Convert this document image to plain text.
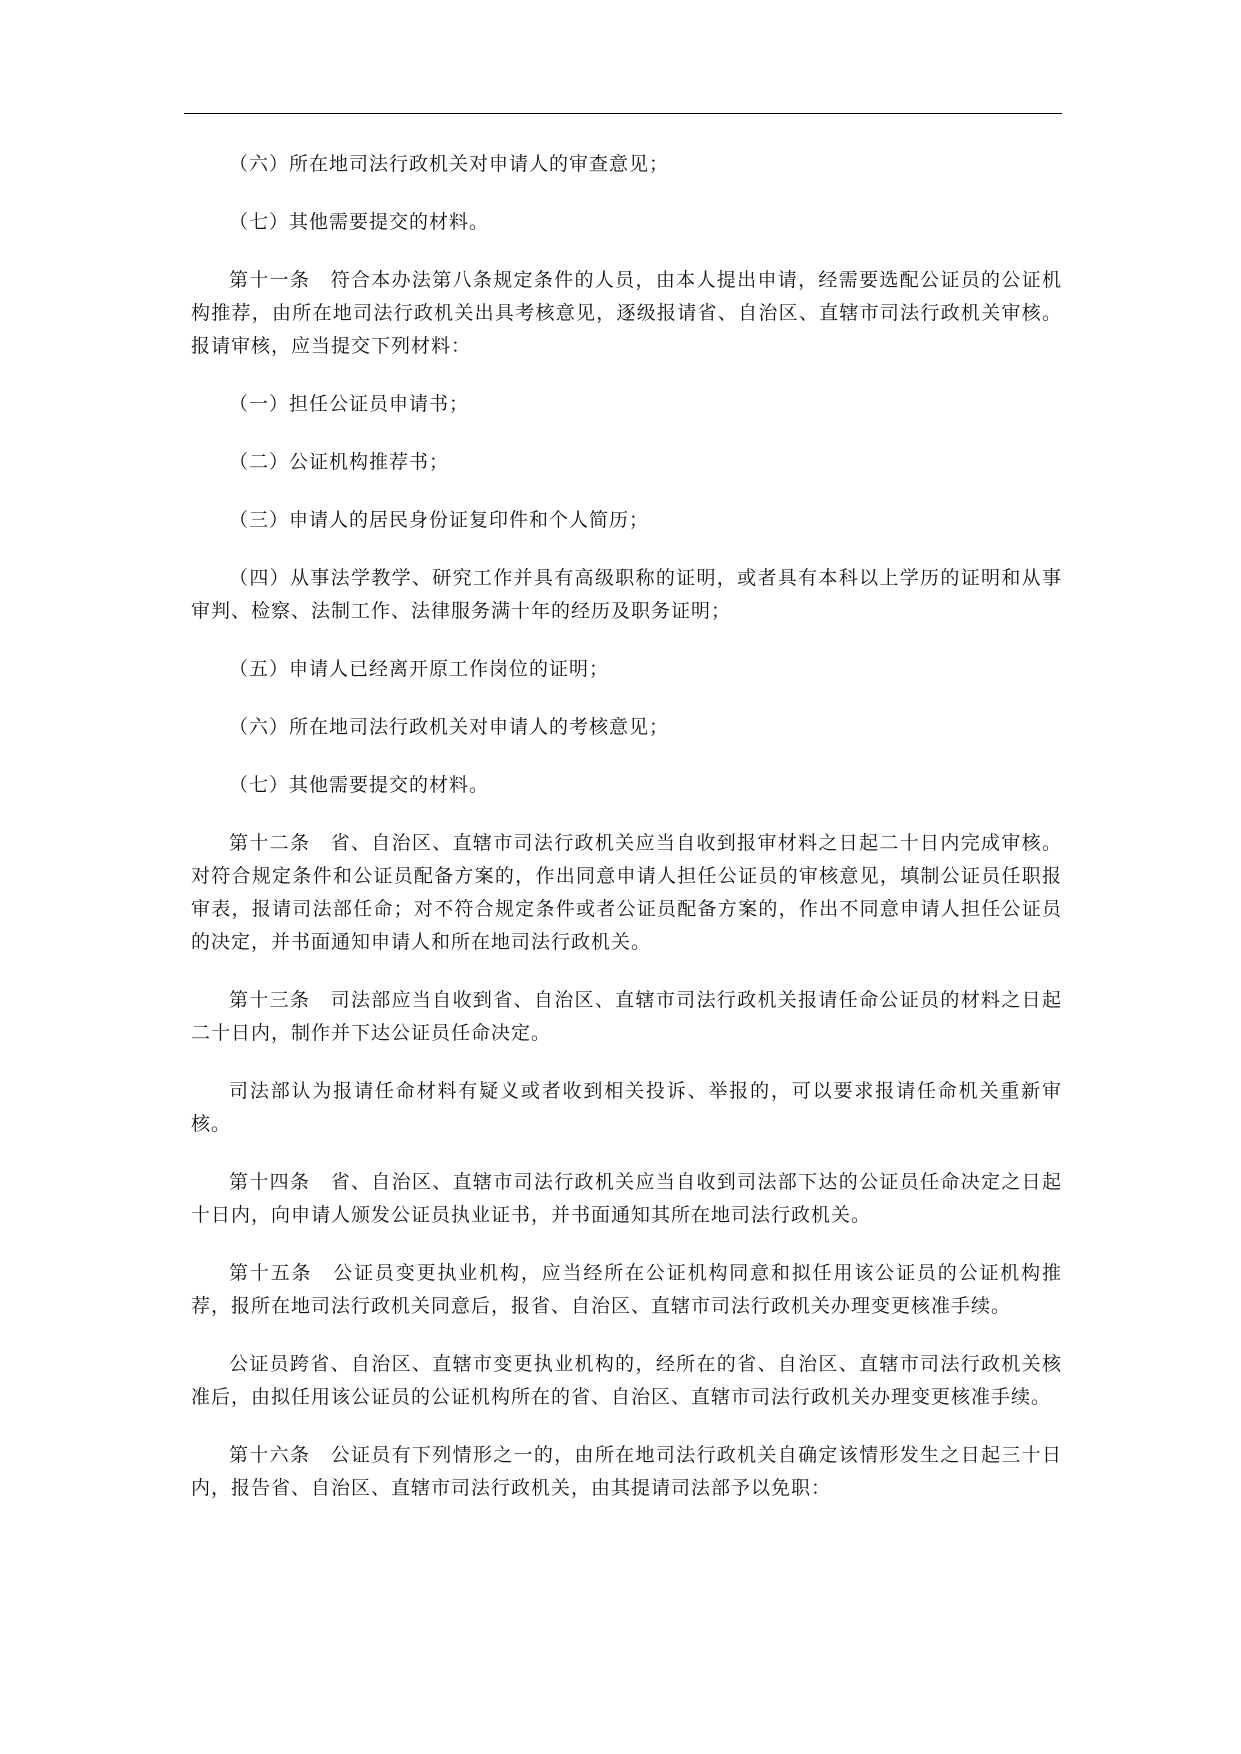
（六）所在地司法行政机关对申请人的审查意见；

（七）其他需要提交的材料。

第十一条　符合本办法第八条规定条件的人员，由本人提出申请，经需要选配公证员的公证机构推荐，由所在地司法行政机关出具考核意见，逐级报请省、自治区、直辖市司法行政机关审核。报请审核，应当提交下列材料：

（一）担任公证员申请书；

（二）公证机构推荐书；

（三）申请人的居民身份证复印件和个人简历；

（四）从事法学教学、研究工作并具有高级职称的证明，或者具有本科以上学历的证明和从事审判、检察、法制工作、法律服务满十年的经历及职务证明；

（五）申请人已经离开原工作岗位的证明；

（六）所在地司法行政机关对申请人的考核意见；

（七）其他需要提交的材料。

第十二条　省、自治区、直辖市司法行政机关应当自收到报审材料之日起二十日内完成审核。对符合规定条件和公证员配备方案的，作出同意申请人担任公证员的审核意见，填制公证员任职报审表，报请司法部任命；对不符合规定条件或者公证员配备方案的，作出不同意申请人担任公证员的决定，并书面通知申请人和所在地司法行政机关。

第十三条　司法部应当自收到省、自治区、直辖市司法行政机关报请任命公证员的材料之日起二十日内，制作并下达公证员任命决定。

司法部认为报请任命材料有疑义或者收到相关投诉、举报的，可以要求报请任命机关重新审核。

第十四条　省、自治区、直辖市司法行政机关应当自收到司法部下达的公证员任命决定之日起十日内，向申请人颁发公证员执业证书，并书面通知其所在地司法行政机关。

第十五条　公证员变更执业机构，应当经所在公证机构同意和拟任用该公证员的公证机构推荐，报所在地司法行政机关同意后，报省、自治区、直辖市司法行政机关办理变更核准手续。

公证员跨省、自治区、直辖市变更执业机构的，经所在的省、自治区、直辖市司法行政机关核准后，由拟任用该公证员的公证机构所在的省、自治区、直辖市司法行政机关办理变更核准手续。

第十六条　公证员有下列情形之一的，由所在地司法行政机关自确定该情形发生之日起三十日内，报告省、自治区、直辖市司法行政机关，由其提请司法部予以免职：
